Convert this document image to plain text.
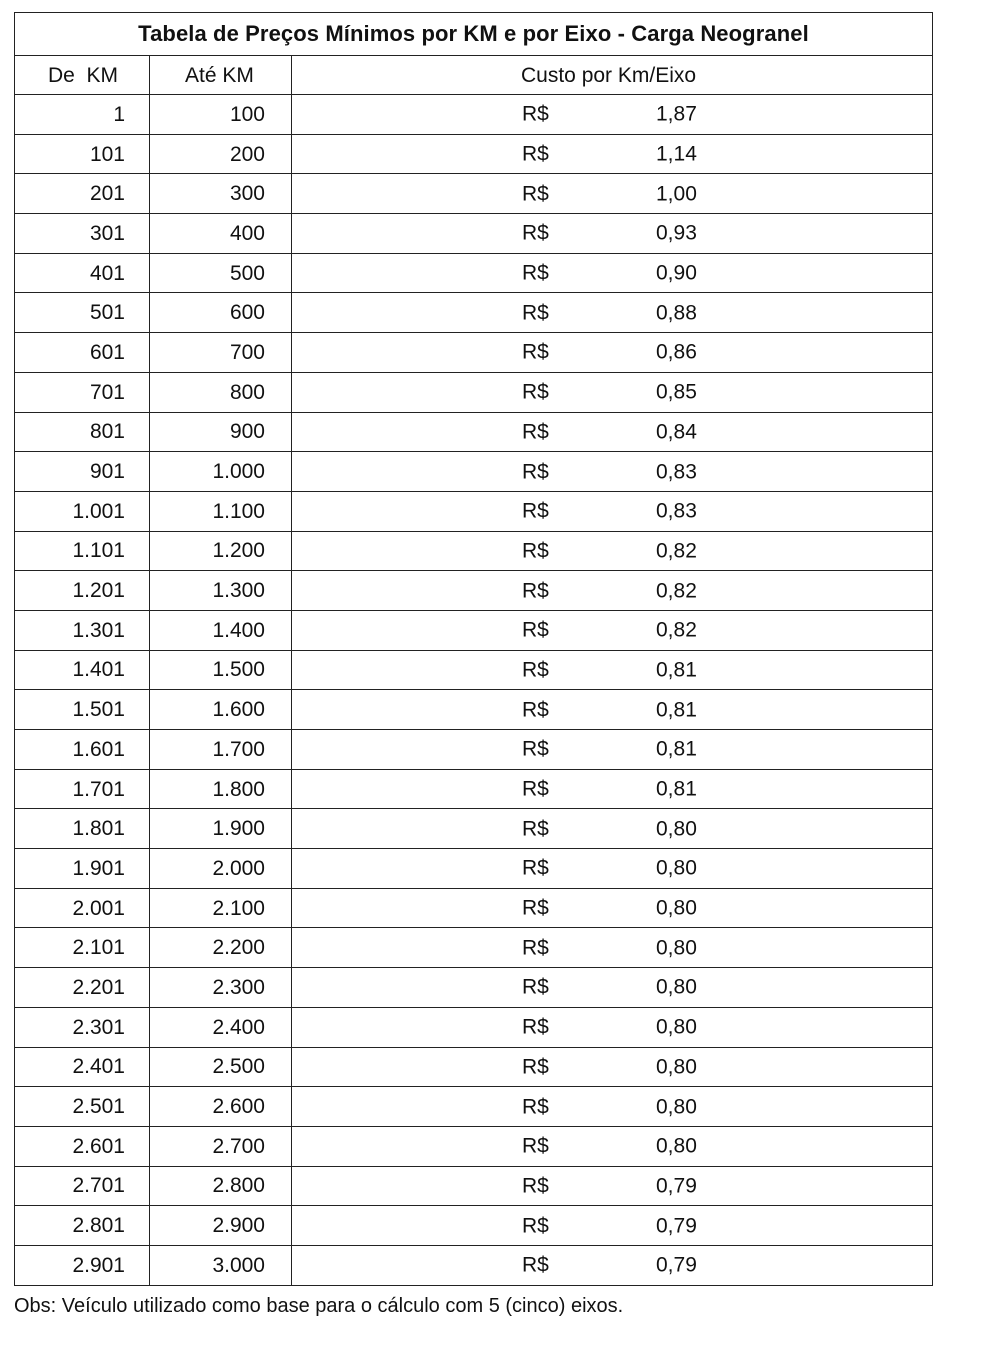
Tabela de Preços Mínimos por KM e por Eixo - Carga Neogranel		
De  KM	Até KM	Custo por Km/Eixo
1	100	R$ 1,87

101	200	R$ 1,14

201	300	R$ 1,00

301	400	R$ 0,93

401	500	R$ 0,90

501	600	R$ 0,88

601	700	R$ 0,86

701	800	R$ 0,85

801	900	R$ 0,84

901	1.000	R$ 0,83

1.001	1.100	R$ 0,83

1.101	1.200	R$ 0,82

1.201	1.300	R$ 0,82

1.301	1.400	R$ 0,82

1.401	1.500	R$ 0,81

1.501	1.600	R$ 0,81

1.601	1.700	R$ 0,81

1.701	1.800	R$ 0,81

1.801	1.900	R$ 0,80

1.901	2.000	R$ 0,80

2.001	2.100	R$ 0,80

2.101	2.200	R$ 0,80

2.201	2.300	R$ 0,80

2.301	2.400	R$ 0,80

2.401	2.500	R$ 0,80

2.501	2.600	R$ 0,80

2.601	2.700	R$ 0,80

2.701	2.800	R$ 0,79

2.801	2.900	R$ 0,79

2.901	3.000	R$ 0,79
Obs: Veículo utilizado como base para o cálculo com 5 (cinco) eixos.
